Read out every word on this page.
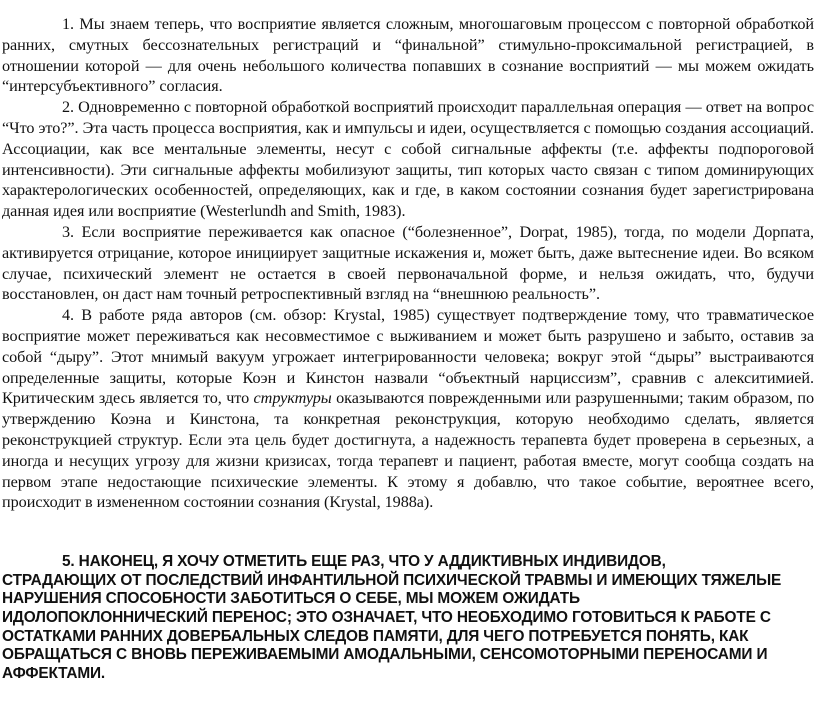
1. Мы знаем теперь, что восприятие является сложным, многошаговым процессом с повторной обработкой ранних, смутных бессознательных регистраций и “финальной” стимульно-проксимальной регистрацией, в отношении которой — для очень небольшого количества попавших в сознание восприятий — мы можем ожидать “интерсубъективного” согласия.

2. Одновременно с повторной обработкой восприятий происходит параллельная операция — ответ на вопрос “Что это?”. Эта часть процесса восприятия, как и импульсы и идеи, осуществляется с помощью создания ассоциаций. Ассоциации, как все ментальные элементы, несут с собой сигнальные аффекты (т.е. аффекты подпороговой интенсивности). Эти сигнальные аффекты мобилизуют защиты, тип которых часто связан с типом доминирующих характерологических особенностей, определяющих, как и где, в каком состоянии сознания будет зарегистрирована данная идея или восприятие (Westerlundh and Smith, 1983).

3. Если восприятие переживается как опасное (“болезненное”, Dorpat, 1985), тогда, по модели Дорпата, активируется отрицание, которое инициирует защитные искажения и, может быть, даже вытеснение идеи. Во всяком случае, психический элемент не остается в своей первоначальной форме, и нельзя ожидать, что, будучи восстановлен, он даст нам точный ретроспективный взгляд на “внешнюю реальность”.

4. В работе ряда авторов (см. обзор: Krystal, 1985) существует подтверждение тому, что травматическое восприятие может переживаться как несовместимое с выживанием и может быть разрушено и забыто, оставив за собой “дыру”. Этот мнимый вакуум угрожает интегрированности человека; вокруг этой “дыры” выстраиваются определенные защиты, которые Коэн и Кинстон назвали “объектный нарциссизм”, сравнив с алекситимией. Критическим здесь является то, что структуры оказываются поврежденными или разрушенными; таким образом, по утверждению Коэна и Кинстона, та конкретная реконструкция, которую необходимо сделать, является реконструкцией структур. Если эта цель будет достигнута, а надежность терапевта будет проверена в серьезных, а иногда и несущих угрозу для жизни кризисах, тогда терапевт и пациент, работая вместе, могут сообща создать на первом этапе недостающие психические элементы. К этому я добавлю, что такое событие, вероятнее всего, происходит в измененном состоянии сознания (Krystal, 1988a).

5. НАКОНЕЦ, Я ХОЧУ ОТМЕТИТЬ ЕЩЕ РАЗ, ЧТО У АДДИКТИВНЫХ ИНДИВИДОВ, СТРАДАЮЩИХ ОТ ПОСЛЕДСТВИЙ ИНФАНТИЛЬНОЙ ПСИХИЧЕСКОЙ ТРАВМЫ И ИМЕЮЩИХ ТЯЖЕЛЫЕ НАРУШЕНИЯ СПОСОБНОСТИ ЗАБОТИТЬСЯ О СЕБЕ, МЫ МОЖЕМ ОЖИДАТЬ ИДОЛОПОКЛОННИЧЕСКИЙ ПЕРЕНОС; ЭТО ОЗНАЧАЕТ, ЧТО НЕОБХОДИМО ГОТОВИТЬСЯ К РАБОТЕ С ОСТАТКАМИ РАННИХ ДОВЕРБАЛЬНЫХ СЛЕДОВ ПАМЯТИ, ДЛЯ ЧЕГО ПОТРЕБУЕТСЯ ПОНЯТЬ, КАК ОБРАЩАТЬСЯ С ВНОВЬ ПЕРЕЖИВАЕМЫМИ АМОДАЛЬНЫМИ, СЕНСОМОТОРНЫМИ ПЕРЕНОСАМИ И АФФЕКТАМИ.
